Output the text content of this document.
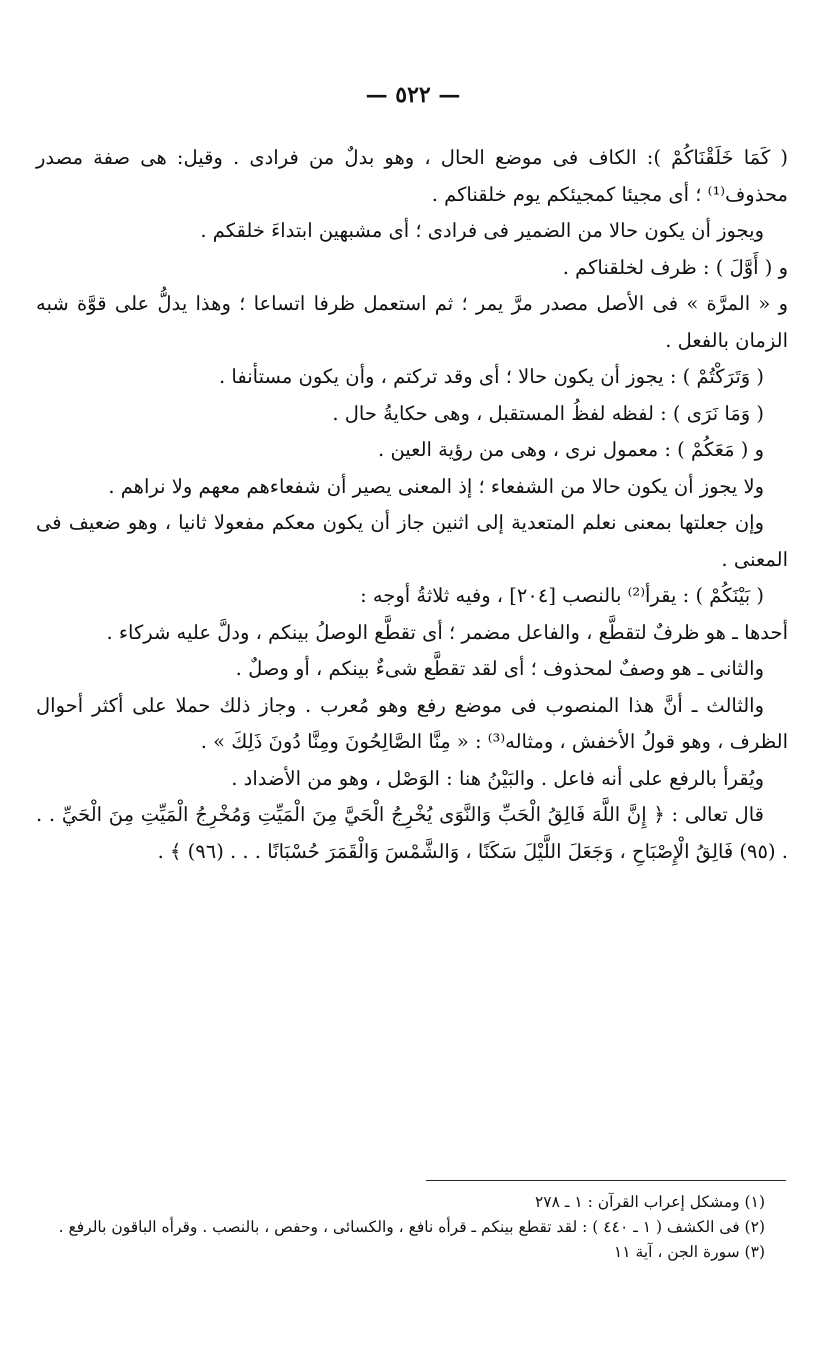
— ٥٢٢ —

( كَمَا خَلَقْنَاكُمْ ): الكاف فى موضع الحال ، وهو بدلٌ من فرادى . وقيل: هى صفة مصدر محذوف⁽¹⁾ ؛ أى مجيئا كمجيئكم يوم خلقناكم .

ويجوز أن يكون حالا من الضمير فى فرادى ؛ أى مشبهين ابتداءَ خلقكم .

و ( أَوَّلَ ) : ظرف لخلقناكم .

و « المرَّة » فى الأصل مصدر مرَّ يمر ؛ ثم استعمل ظرفا اتساعا ؛ وهذا يدلُّ على قوَّة شبه الزمان بالفعل .

( وَتَرَكْتُمْ ) : يجوز أن يكون حالا ؛ أى وقد تركتم ، وأن يكون مستأنفا .

( وَمَا نَرَى ) : لفظه لفظُ المستقبل ، وهى حكايةُ حال .

و ( مَعَكُمْ ) : معمول نرى ، وهى من رؤية العين .

ولا يجوز أن يكون حالا من الشفعاء ؛ إذ المعنى يصير أن شفعاءهم معهم ولا نراهم .

وإن جعلتها بمعنى نعلم المتعدية إلى اثنين جاز أن يكون معكم مفعولا ثانيا ، وهو ضعيف فى المعنى .

( بَيْنَكُمْ ) : يقرأ⁽²⁾ بالنصب [٢٠٤] ، وفيه ثلاثةُ أوجه :

أحدها ـ هو ظرفٌ لتقطَّع ، والفاعل مضمر ؛ أى تقطَّع الوصلُ بينكم ، ودلَّ عليه شركاء .

والثانى ـ هو وصفٌ لمحذوف ؛ أى لقد تقطَّع شىءٌ بينكم ، أو وصلٌ .

والثالث ـ أنَّ هذا المنصوب فى موضع رفع وهو مُعرب . وجاز ذلك حملا على أكثر أحوال الظرف ، وهو قولُ الأخفش ، ومثاله⁽³⁾ : « مِنَّا الصَّالِحُونَ ومِنَّا دُونَ ذَلِكَ » .

ويُقرأ بالرفع على أنه فاعل . والبَيْنُ هنا : الوَصْل ، وهو من الأضداد .

قال تعالى : ﴿ إِنَّ اللَّهَ فَالِقُ الْحَبِّ وَالنَّوَى يُخْرِجُ الْحَيَّ مِنَ الْمَيِّتِ وَمُخْرِجُ الْمَيِّتِ مِنَ الْحَيِّ . . . (٩٥) فَالِقُ الْإِصْبَاحِ ، وَجَعَلَ اللَّيْلَ سَكَنًا ، وَالشَّمْسَ وَالْقَمَرَ حُسْبَانًا . . . (٩٦) ﴾ .

(١) ومشكل إعراب القرآن : ١ ـ ٢٧٨

(٢) فى الكشف ( ١ ـ ٤٤٠ ) : لقد تقطع بينكم ـ قرأه نافع ، والكسائى ، وحفص ، بالنصب . وقرأه الباقون بالرفع .

(٣) سورة الجن ، آية ١١
